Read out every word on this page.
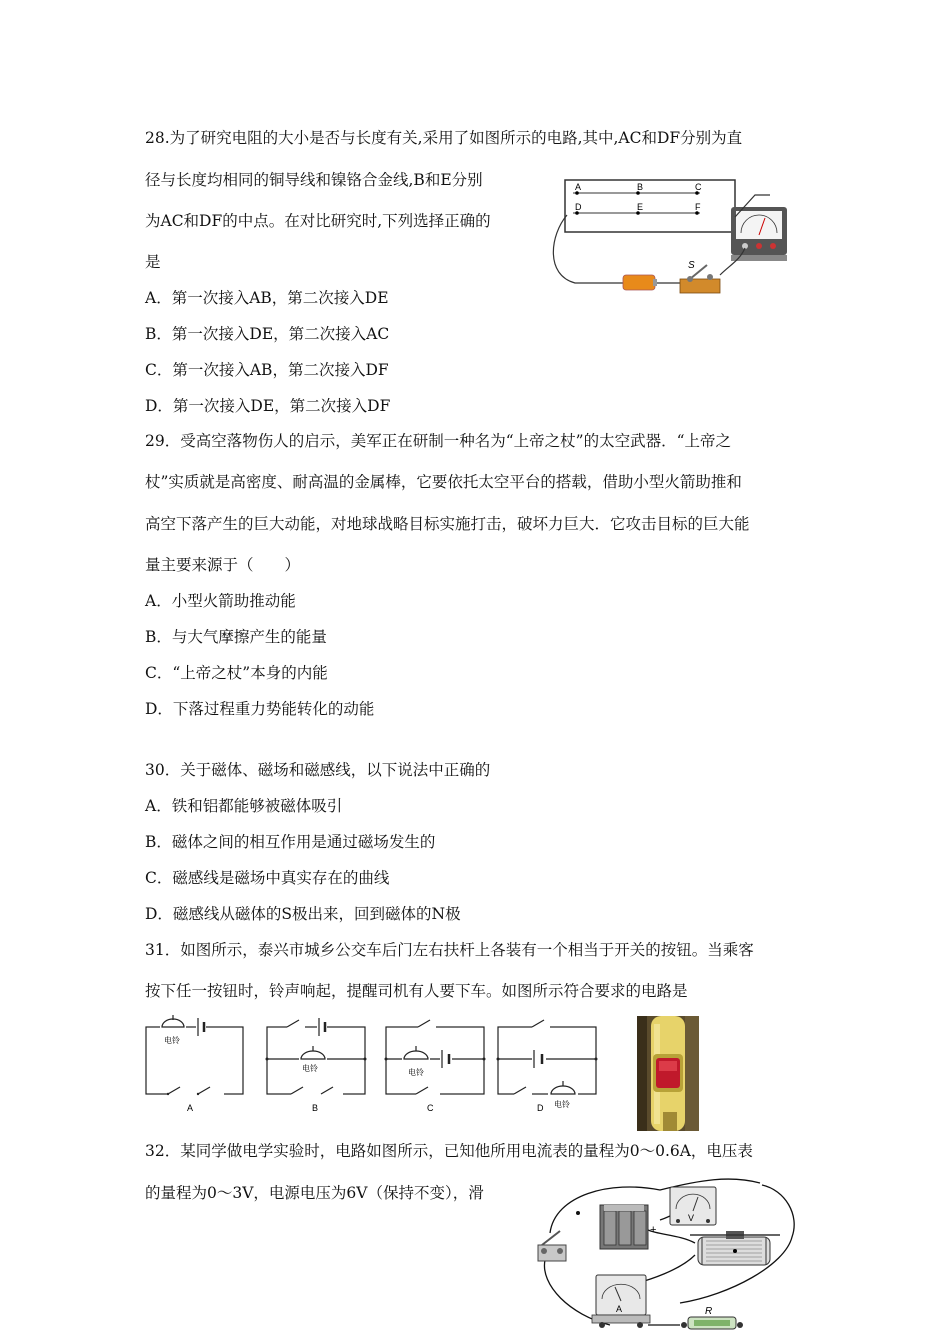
28.为了研究电阻的大小是否与长度有关,采用了如图所示的电路,其中,AC和DF分别为直
径与长度均相同的铜导线和镍铬合金线,B和E分别
为AC和DF的中点。在对比研究时,下列选择正确的
是
A．第一次接入AB，第二次接入DE
B．第一次接入DE，第二次接入AC
C．第一次接入AB，第二次接入DF
D．第一次接入DE，第二次接入DF
A	B	C
D	E	F
S
29．受高空落物伤人的启示，美军正在研制一种名为“上帝之杖”的太空武器．“上帝之
杖”实质就是高密度、耐高温的金属棒，它要依托太空平台的搭载，借助小型火箭助推和
高空下落产生的巨大动能，对地球战略目标实施打击，破坏力巨大．它攻击目标的巨大能
量主要来源于（　　）
A．小型火箭助推动能
B．与大气摩擦产生的能量
C．“上帝之杖”本身的内能
D．下落过程重力势能转化的动能
30．关于磁体、磁场和磁感线，以下说法中正确的
A．铁和铝都能够被磁体吸引
B．磁体之间的相互作用是通过磁场发生的
C．磁感线是磁场中真实存在的曲线
D．磁感线从磁体的S极出来，回到磁体的N极
31．如图所示，泰兴市城乡公交车后门左右扶杆上各装有一个相当于开关的按钮。当乘客
按下任一按钮时，铃声响起，提醒司机有人要下车。如图所示符合要求的电路是
电铃
A
电铃
B
电铃
C	电铃
D
32．某同学做电学实验时，电路如图所示，已知他所用电流表的量程为0～0.6A，电压表
的量程为0～3V，电源电压为6V（保持不变），滑
+
V
A	R
